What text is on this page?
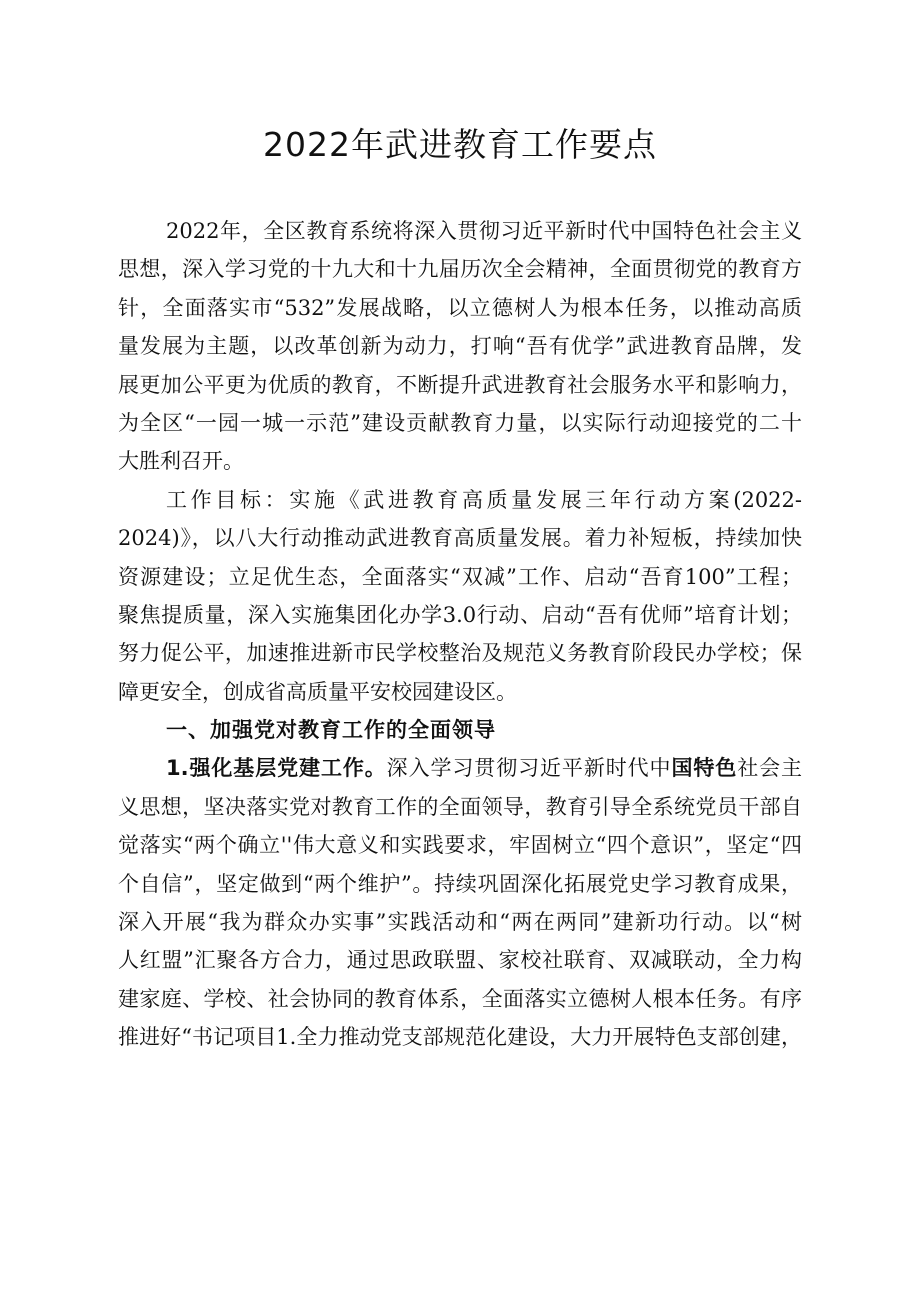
2022年武进教育工作要点
2022年，全区教育系统将深入贯彻习近平新时代中国特色社会主义
思想，深入学习党的十九大和十九届历次全会精神，全面贯彻党的教育方
针，全面落实市“532”发展战略，以立德树人为根本任务，以推动高质
量发展为主题，以改革创新为动力，打响“吾有优学”武进教育品牌，发
展更加公平更为优质的教育，不断提升武进教育社会服务水平和影响力，
为全区“一园一城一示范”建设贡献教育力量，以实际行动迎接党的二十
大胜利召开。
工作目标：实施《武进教育高质量发展三年行动方案(2022-
2024)》，以八大行动推动武进教育高质量发展。着力补短板，持续加快
资源建设；立足优生态，全面落实“双减”工作、启动“吾育100”工程；
聚焦提质量，深入实施集团化办学3.0行动、启动“吾有优师”培育计划；
努力促公平，加速推进新市民学校整治及规范义务教育阶段民办学校；保
障更安全，创成省高质量平安校园建设区。
一、加强党对教育工作的全面领导
1.强化基层党建工作。深入学习贯彻习近平新时代中国特色社会主
义思想，坚决落实党对教育工作的全面领导，教育引导全系统党员干部自
觉落实“两个确立''伟大意义和实践要求，牢固树立“四个意识”，坚定“四
个自信”，坚定做到“两个维护”。持续巩固深化拓展党史学习教育成果，
深入开展“我为群众办实事”实践活动和“两在两同”建新功行动。以“树
人红盟”汇聚各方合力，通过思政联盟、家校社联育、双减联动，全力构
建家庭、学校、社会协同的教育体系，全面落实立德树人根本任务。有序
推进好“书记项目1.全力推动党支部规范化建设，大力开展特色支部创建，
